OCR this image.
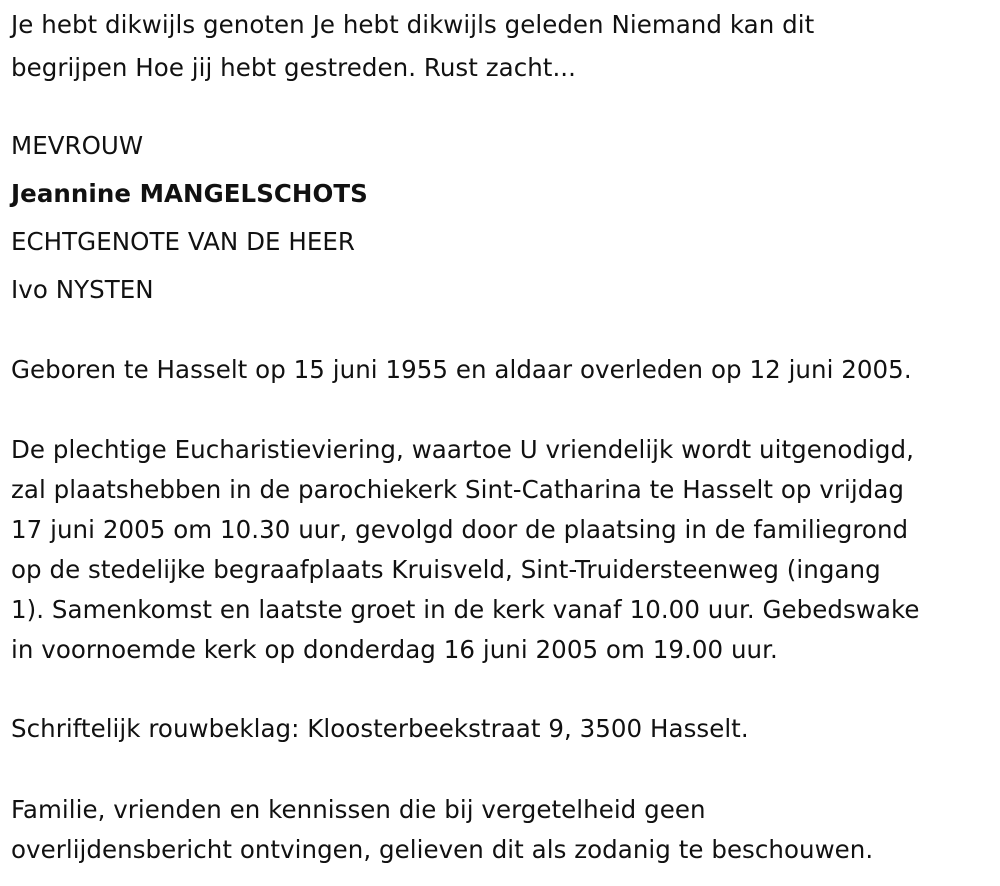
Je hebt dikwijls genoten Je hebt dikwijls geleden Niemand kan dit
begrijpen Hoe jij hebt gestreden. Rust zacht...
MEVROUW
Jeannine MANGELSCHOTS
ECHTGENOTE VAN DE HEER
Ivo NYSTEN
Geboren te Hasselt op 15 juni 1955 en aldaar overleden op 12 juni 2005.
De plechtige Eucharistieviering, waartoe U vriendelijk wordt uitgenodigd,
zal plaatshebben in de parochiekerk Sint-Catharina te Hasselt op vrijdag
17 juni 2005 om 10.30 uur, gevolgd door de plaatsing in de familiegrond
op de stedelijke begraafplaats Kruisveld, Sint-Truidersteenweg (ingang
1). Samenkomst en laatste groet in de kerk vanaf 10.00 uur. Gebedswake
in voornoemde kerk op donderdag 16 juni 2005 om 19.00 uur.
Schriftelijk rouwbeklag: Kloosterbeekstraat 9, 3500 Hasselt.
Familie, vrienden en kennissen die bij vergetelheid geen
overlijdensbericht ontvingen, gelieven dit als zodanig te beschouwen.
